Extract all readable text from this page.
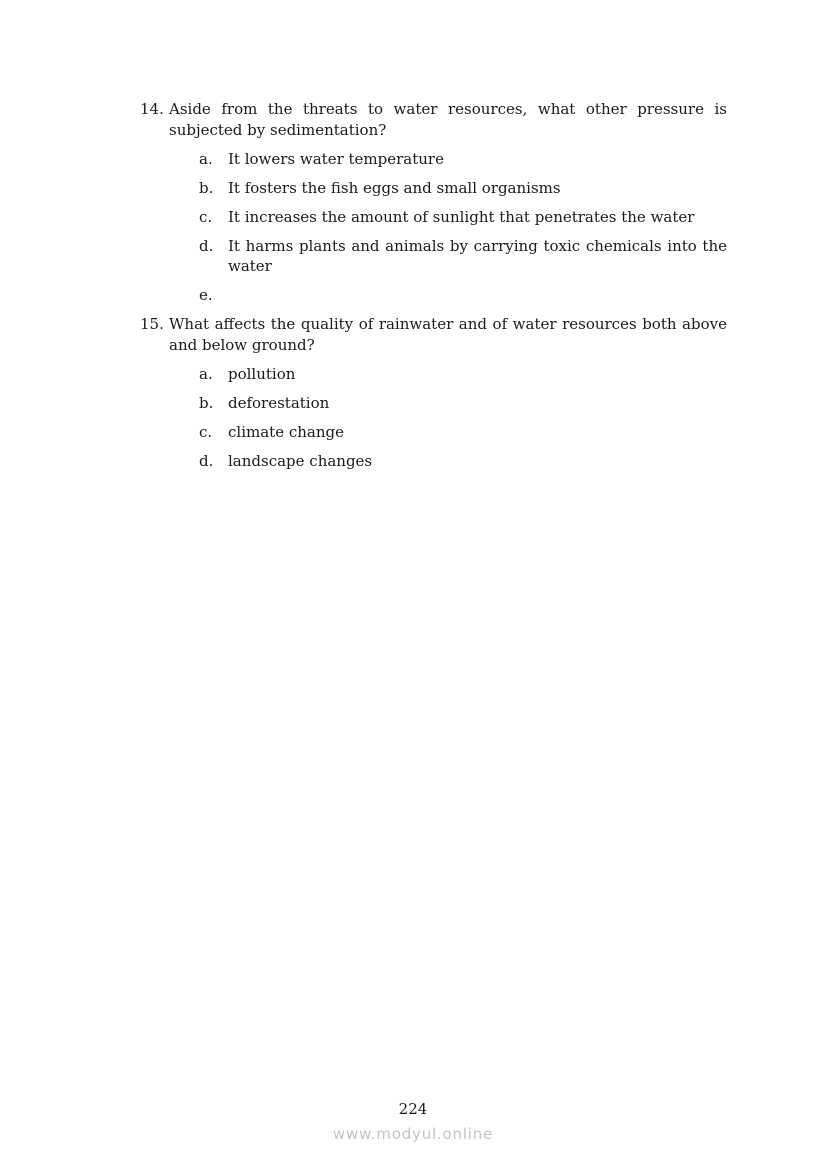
14. Aside from the threats to water resources, what other pressure is subjected by sedimentation?
a.	It lowers water temperature
b. It fosters the fish eggs and small organisms
c.	It increases the amount of sunlight that penetrates the water
d. It harms plants and animals by carrying toxic chemicals into the water
e.
15. What affects the quality of rainwater and of water resources both above and below ground?
a.	pollution
b. deforestation
c.	climate change
d. landscape changes
224
www.modyul.online
